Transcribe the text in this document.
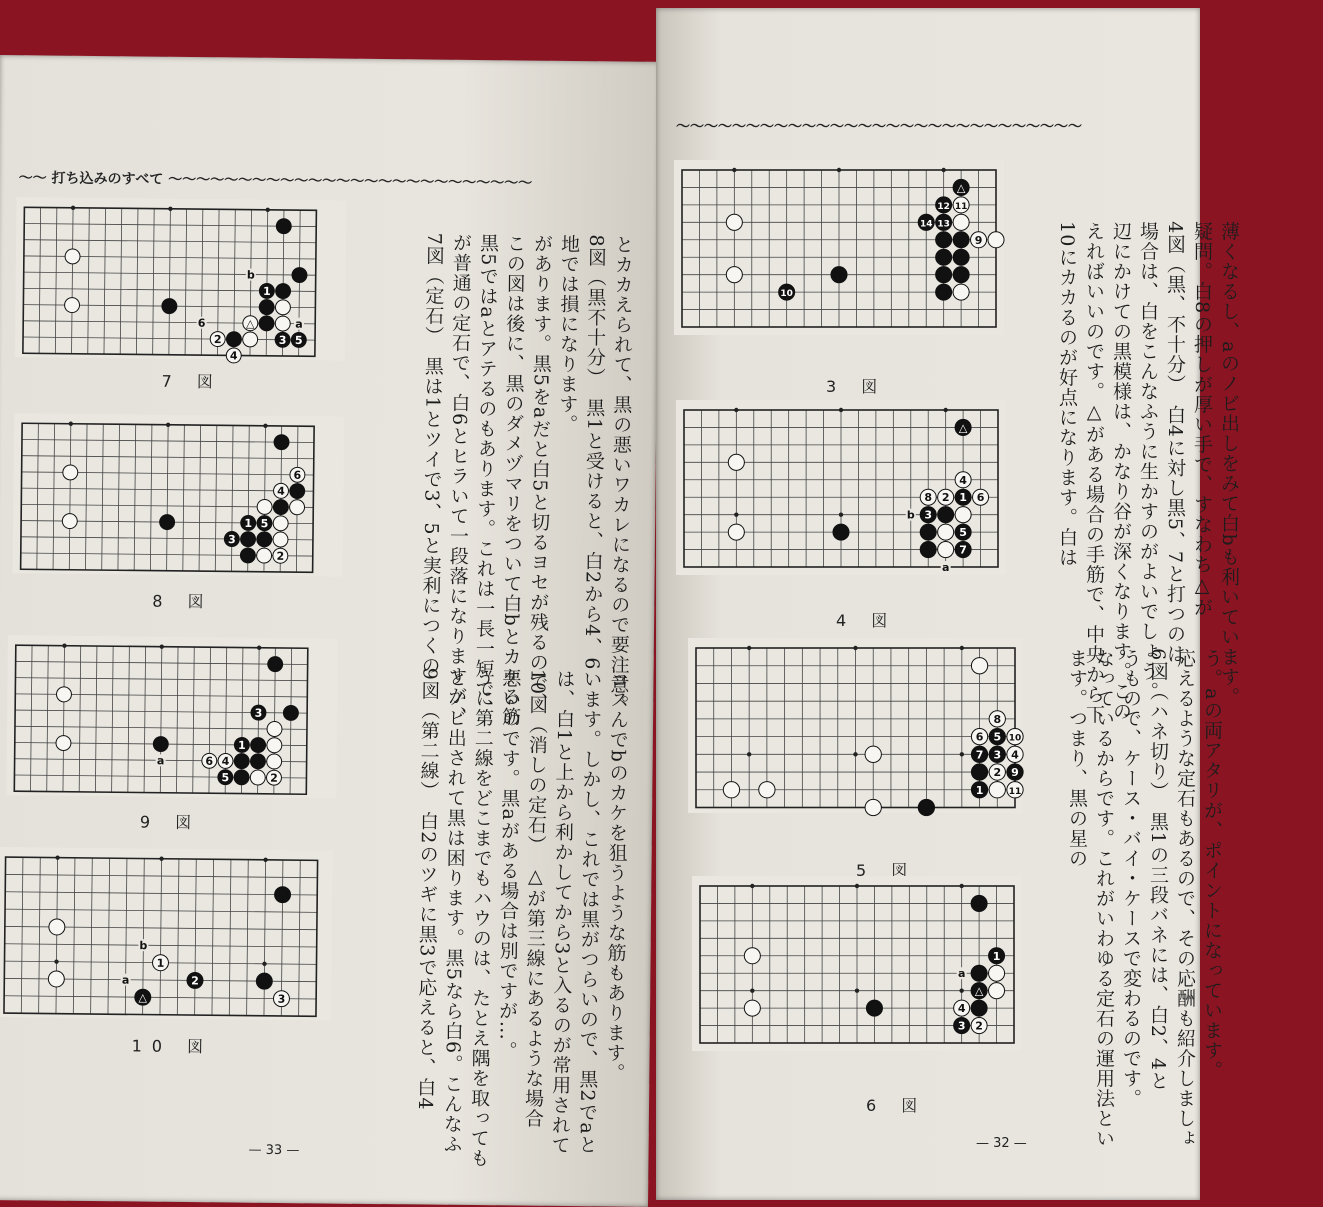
〜〜 打ち込みのすべて 〜〜〜〜〜〜〜〜〜〜〜〜〜〜〜〜〜〜〜〜〜〜〜〜〜〜
1
3 5
2
4
6	△	a
b
7 図
1
3
5
2
4
6
8 図
1
3
5	2
4
6
a
9 図
1
2
3
△
a
b
10 図

とカカえられて、黒の悪いワカレになるので要注意。
8図（黒不十分）　黒1と受けると、白2から4、6
地では損になります。
があります。黒5をaだと白5と切るヨセが残るので、
この図は後に、黒のダメヅマリをついて白bとカケる筋
黒5ではaとアテるのもあります。これは一長一短で、
が普通の定石で、白6とヒラいて一段落になりますが、
7図（定石）　黒は1とツイで3、5と実利につくの

コスんでbのカケを狙うような筋もあります。
います。しかし、これでは黒がつらいので、黒2でaと
は、白1と上から利かしてから3と入るのが常用されて
10図（消しの定石）　△が第三線にあるような場合
悪いのです。黒aがある場合は別ですが…。
うに第二線をどこまでもハウのは、たとえ隅を取っても
とノビ出されて黒は困ります。黒5なら白6。こんなふ
9図（第二線）　白2のツギに黒3で応えると、白4

— 33 —
〜〜〜〜〜〜〜〜〜〜〜〜〜〜〜〜〜〜〜〜〜〜〜〜〜〜〜〜〜
△
12 11
14 13
9
10
3 図
△
4
8 2 1 6
3
b
5
7
a
4 図
8
6 5 10
7 3 4
2 9
1	11
5 図
1
△
4
3 2
a
6 図

薄くなるし、aのノビ出しをみて白bも利いています。
疑問。白8の押しが厚い手で、すなわち△が
4図（黒、不十分）　白4に対し黒5、7と打つのは
場合は、白をこんなふうに生かすのがよいでしょう。
辺にかけての黒模様は、かなり谷が深くなります。この
えればいいのです。△がある場合の手筋で、中央から下
10にカカるのが好点になります。白は

う。aの両アタリが、ポイントになっています。
応えるような定石もあるので、その応酬も紹介しましょ
6図（ハネ切り）　黒1の三段バネには、白2、4と
うもので、ケース・バイ・ケースで変わるのです。
なっているからです。これがいわゆる定石の運用法とい
ます。つまり、黒の星の

— 32 —
